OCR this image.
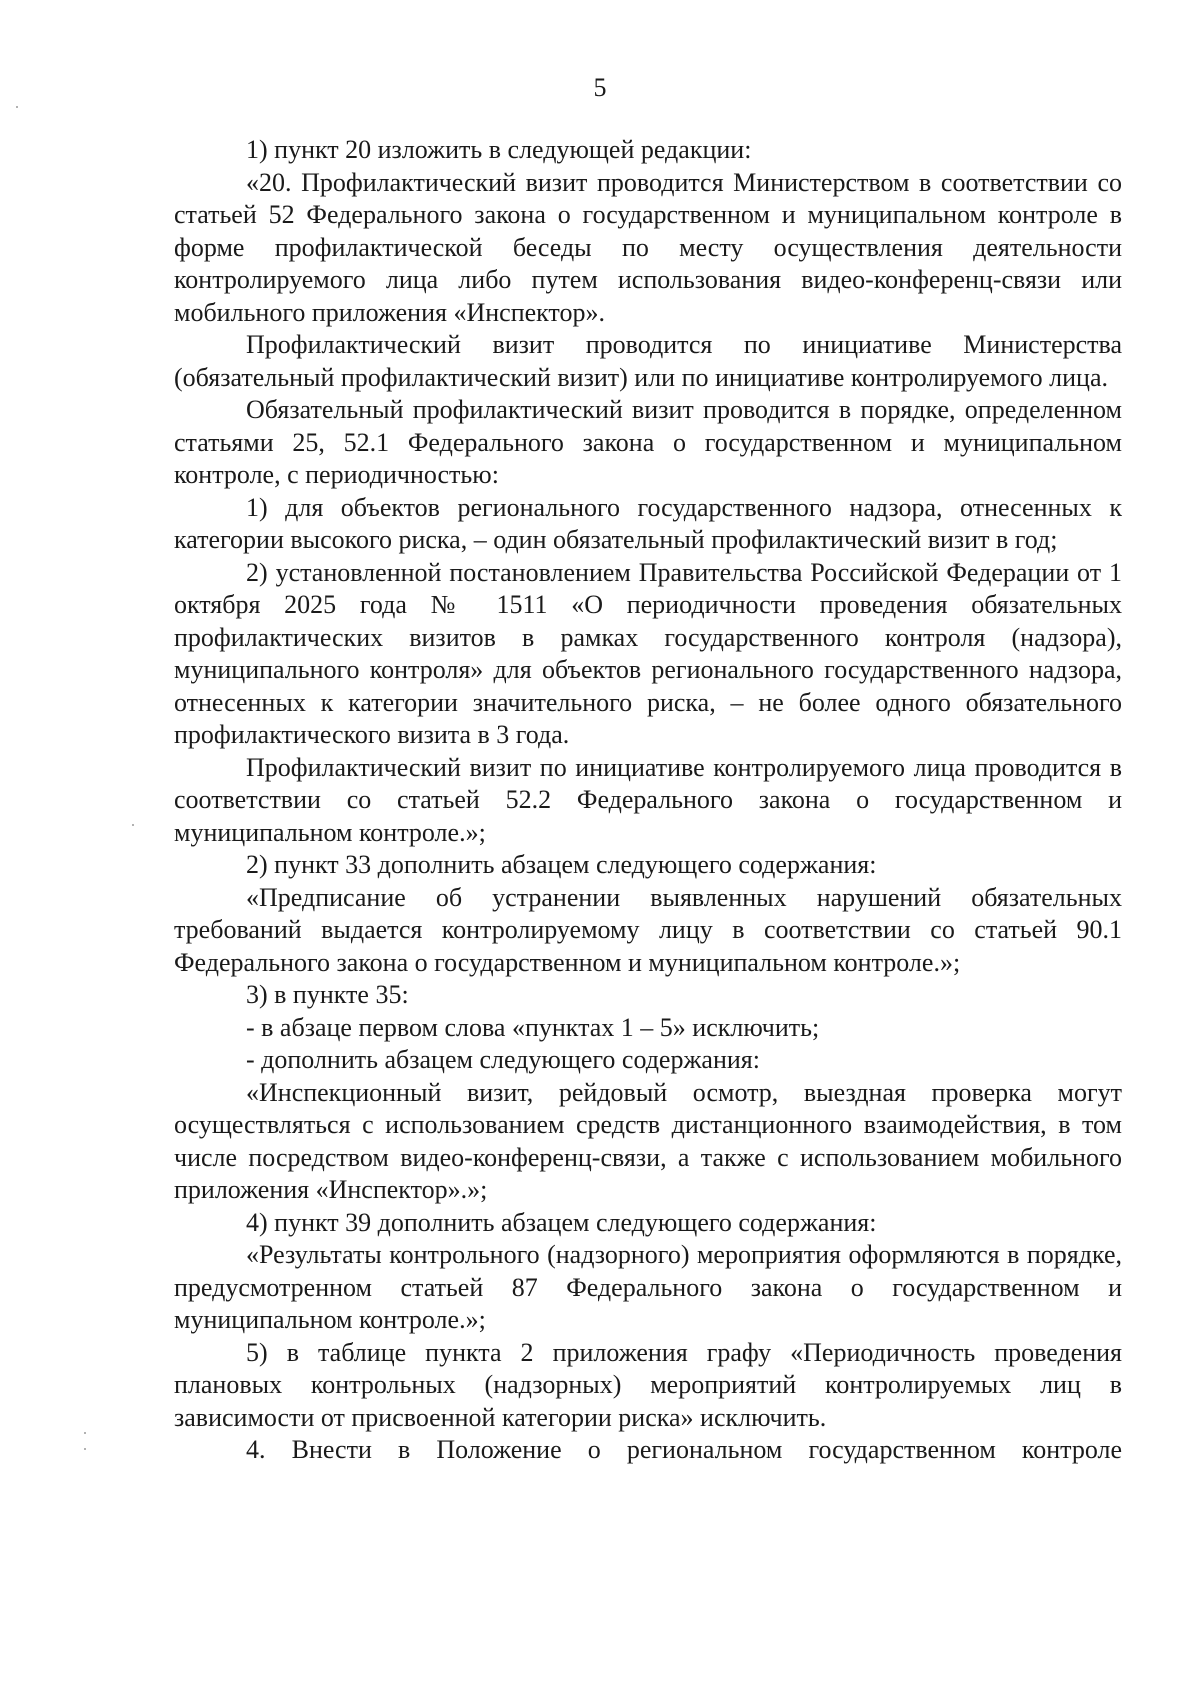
5

1) пункт 20 изложить в следующей редакции:

«20. Профилактический визит проводится Министерством в соответствии со статьей 52 Федерального закона о государственном и муниципальном контроле в форме профилактической беседы по месту осуществления деятельности контролируемого лица либо путем использования видео-конференц-связи или мобильного приложения «Инспектор».

Профилактический визит проводится по инициативе Министерства (обязательный профилактический визит) или по инициативе контролируемого лица.

Обязательный профилактический визит проводится в порядке, определенном статьями 25, 52.1 Федерального закона о государственном и муниципальном контроле, с периодичностью:

1) для объектов регионального государственного надзора, отнесенных к категории высокого риска, – один обязательный профилактический визит в год;

2) установленной постановлением Правительства Российской Федерации от 1 октября 2025 года № 1511 «О периодичности проведения обязательных профилактических визитов в рамках государственного контроля (надзора), муниципального контроля» для объектов регионального государственного надзора, отнесенных к категории значительного риска, – не более одного обязательного профилактического визита в 3 года.

Профилактический визит по инициативе контролируемого лица проводится в соответствии со статьей 52.2 Федерального закона о государственном и муниципальном контроле.»;

2) пункт 33 дополнить абзацем следующего содержания:

«Предписание об устранении выявленных нарушений обязательных требований выдается контролируемому лицу в соответствии со статьей 90.1 Федерального закона о государственном и муниципальном контроле.»;

3) в пункте 35:

- в абзаце первом слова «пунктах 1 – 5» исключить;

- дополнить абзацем следующего содержания:

«Инспекционный визит, рейдовый осмотр, выездная проверка могут осуществляться с использованием средств дистанционного взаимодействия, в том числе посредством видео-конференц-связи, а также с использованием мобильного приложения «Инспектор».»;

4) пункт 39 дополнить абзацем следующего содержания:

«Результаты контрольного (надзорного) мероприятия оформляются в порядке, предусмотренном статьей 87 Федерального закона о государственном и муниципальном контроле.»;

5) в таблице пункта 2 приложения графу «Периодичность проведения плановых контрольных (надзорных) мероприятий контролируемых лиц в зависимости от присвоенной категории риска» исключить.

4. Внести в Положение о региональном государственном контроле
